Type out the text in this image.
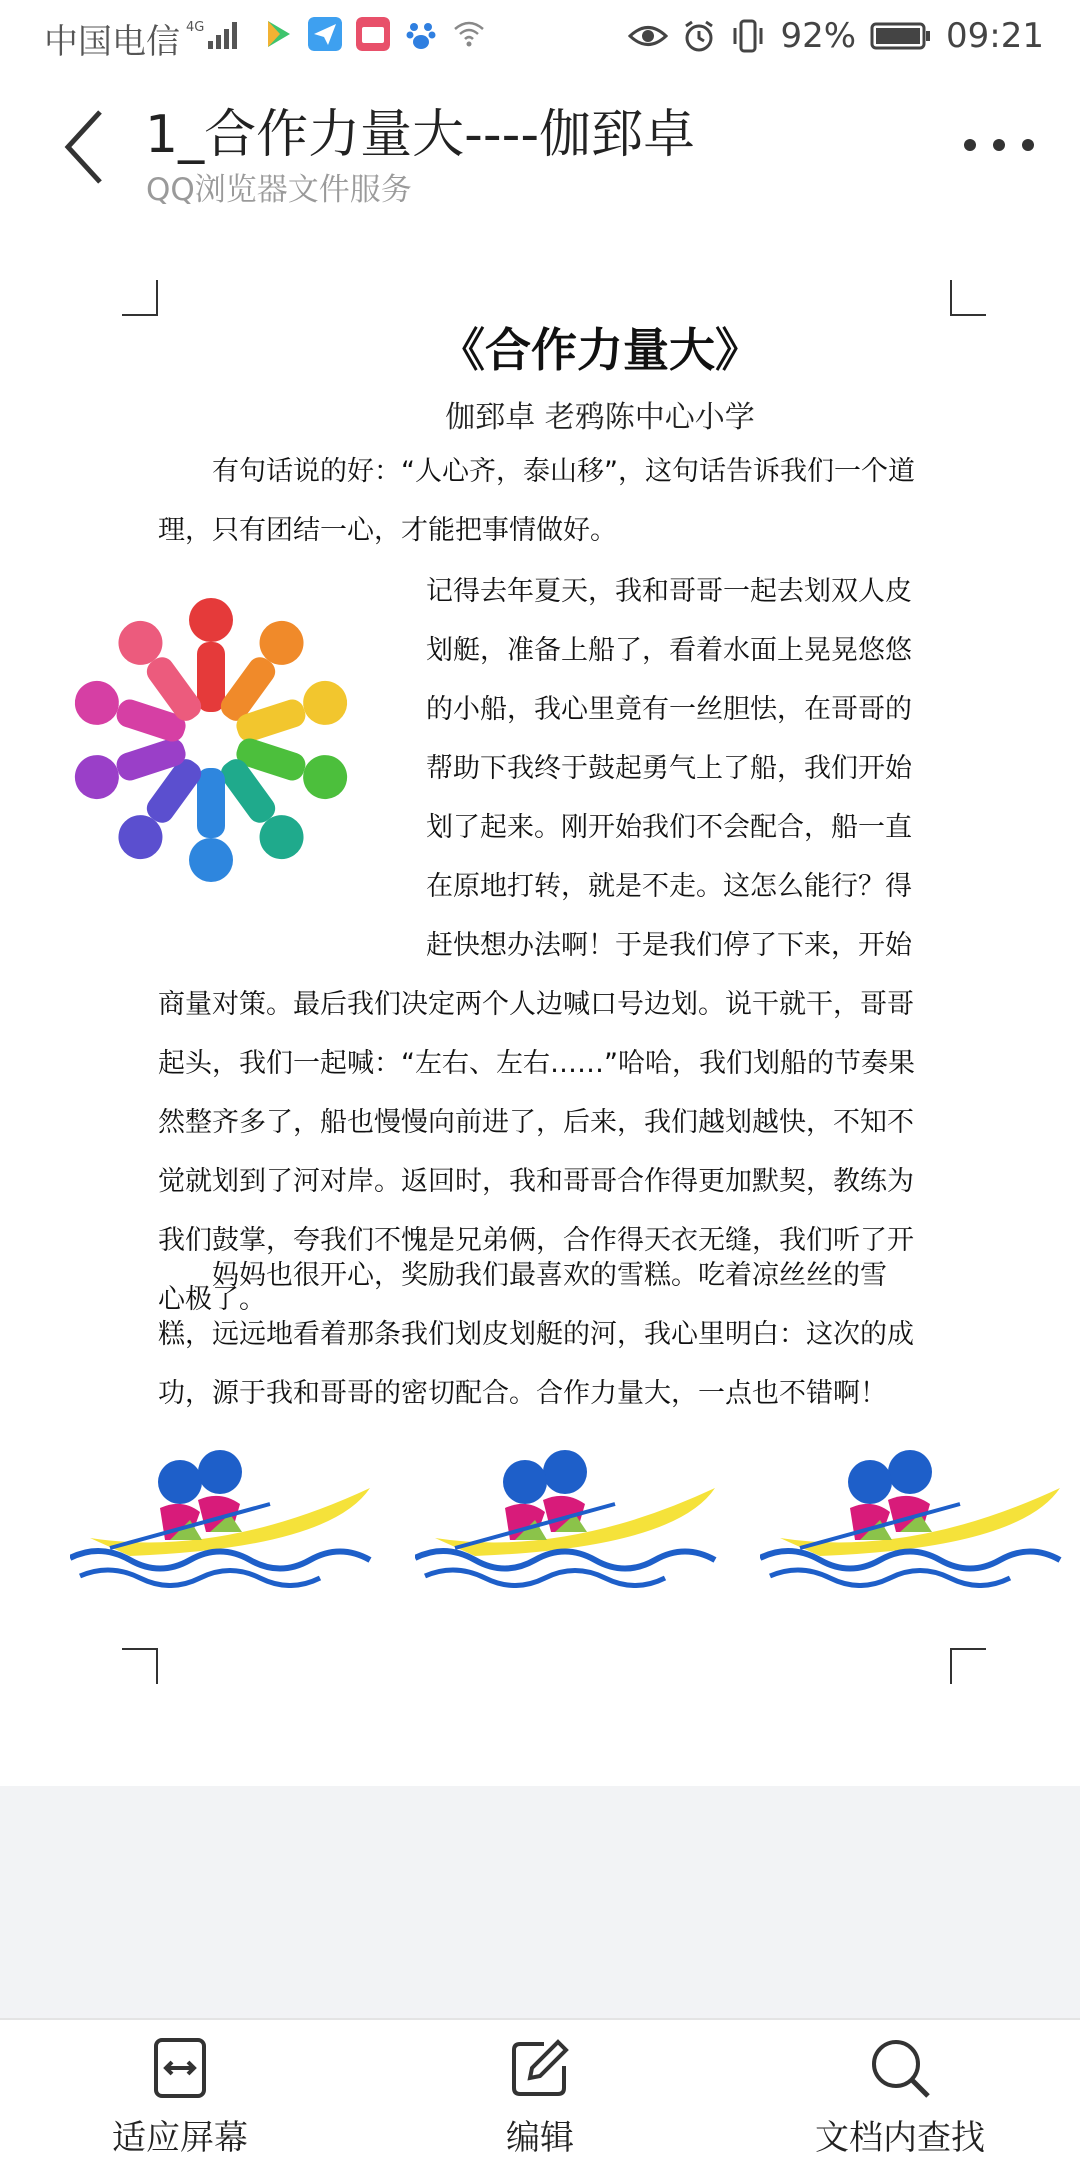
中国电信 4G	92%	09:21
1_合作力量大----伽郅卓
QQ浏览器文件服务
《合作力量大》
伽郅卓 老鸦陈中心小学
有句话说的好：“人心齐，泰山移”，这句话告诉我们一个道理，只有团结一心，才能把事情做好。
记得去年夏天，我和哥哥一起去划双人皮划艇，准备上船了，看着水面上晃晃悠悠的小船，我心里竟有一丝胆怯，在哥哥的帮助下我终于鼓起勇气上了船，我们开始划了起来。刚开始我们不会配合，船一直在原地打转，就是不走。这怎么能行？得赶快想办法啊！于是我们停了下来，开始商量对策。最后我们决定两个人边喊口号边划。说干就干，哥哥起头，我们一起喊：“左右、左右……”哈哈，我们划船的节奏果然整齐多了，船也慢慢向前进了，后来，我们越划越快，不知不觉就划到了河对岸。返回时，我和哥哥合作得更加默契，教练为我们鼓掌，夸我们不愧是兄弟俩，合作得天衣无缝，我们听了开心极了。
妈妈也很开心，奖励我们最喜欢的雪糕。吃着凉丝丝的雪糕，远远地看着那条我们划皮划艇的河，我心里明白：这次的成功，源于我和哥哥的密切配合。合作力量大，一点也不错啊！
适应屏幕	编辑	文档内查找
